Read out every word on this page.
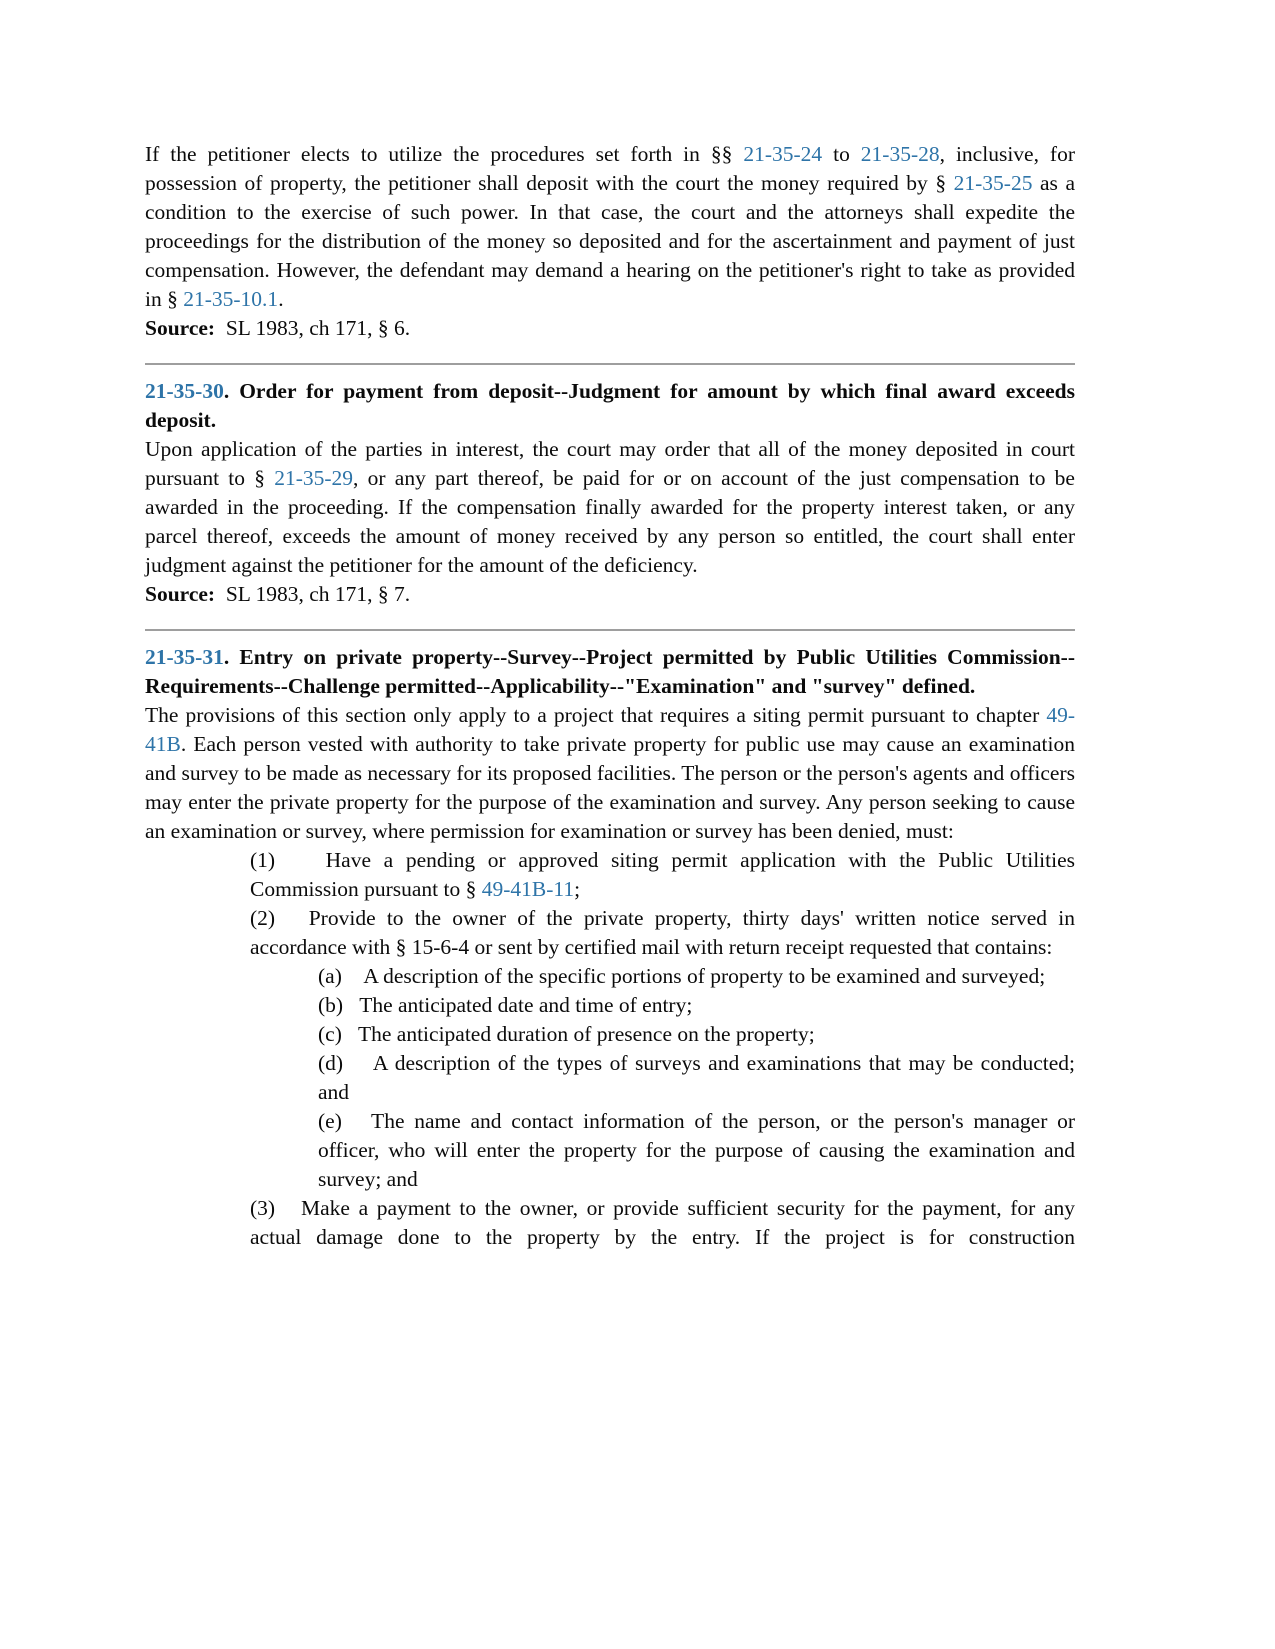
If the petitioner elects to utilize the procedures set forth in §§ 21-35-24 to 21-35-28, inclusive, for possession of property, the petitioner shall deposit with the court the money required by § 21-35-25 as a condition to the exercise of such power. In that case, the court and the attorneys shall expedite the proceedings for the distribution of the money so deposited and for the ascertainment and payment of just compensation. However, the defendant may demand a hearing on the petitioner's right to take as provided in § 21-35-10.1.

Source:  SL 1983, ch 171, § 6.

21-35-30. Order for payment from deposit--Judgment for amount by which final award exceeds deposit.

Upon application of the parties in interest, the court may order that all of the money deposited in court pursuant to § 21-35-29, or any part thereof, be paid for or on account of the just compensation to be awarded in the proceeding. If the compensation finally awarded for the property interest taken, or any parcel thereof, exceeds the amount of money received by any person so entitled, the court shall enter judgment against the petitioner for the amount of the deficiency.

Source:  SL 1983, ch 171, § 7.

21-35-31. Entry on private property--Survey--Project permitted by Public Utilities Commission--Requirements--Challenge permitted--Applicability--"Examination" and "survey" defined.

The provisions of this section only apply to a project that requires a siting permit pursuant to chapter 49-41B. Each person vested with authority to take private property for public use may cause an examination and survey to be made as necessary for its proposed facilities. The person or the person's agents and officers may enter the private property for the purpose of the examination and survey. Any person seeking to cause an examination or survey, where permission for examination or survey has been denied, must:

(1)    Have a pending or approved siting permit application with the Public Utilities Commission pursuant to § 49-41B-11;

(2)   Provide to the owner of the private property, thirty days' written notice served in accordance with § 15-6-4 or sent by certified mail with return receipt requested that contains:

(a)    A description of the specific portions of property to be examined and surveyed;

(b)   The anticipated date and time of entry;

(c)   The anticipated duration of presence on the property;

(d)    A description of the types of surveys and examinations that may be conducted; and

(e)   The name and contact information of the person, or the person's manager or officer, who will enter the property for the purpose of causing the examination and survey; and

(3)   Make a payment to the owner, or provide sufficient security for the payment, for any actual damage done to the property by the entry. If the project is for construction
